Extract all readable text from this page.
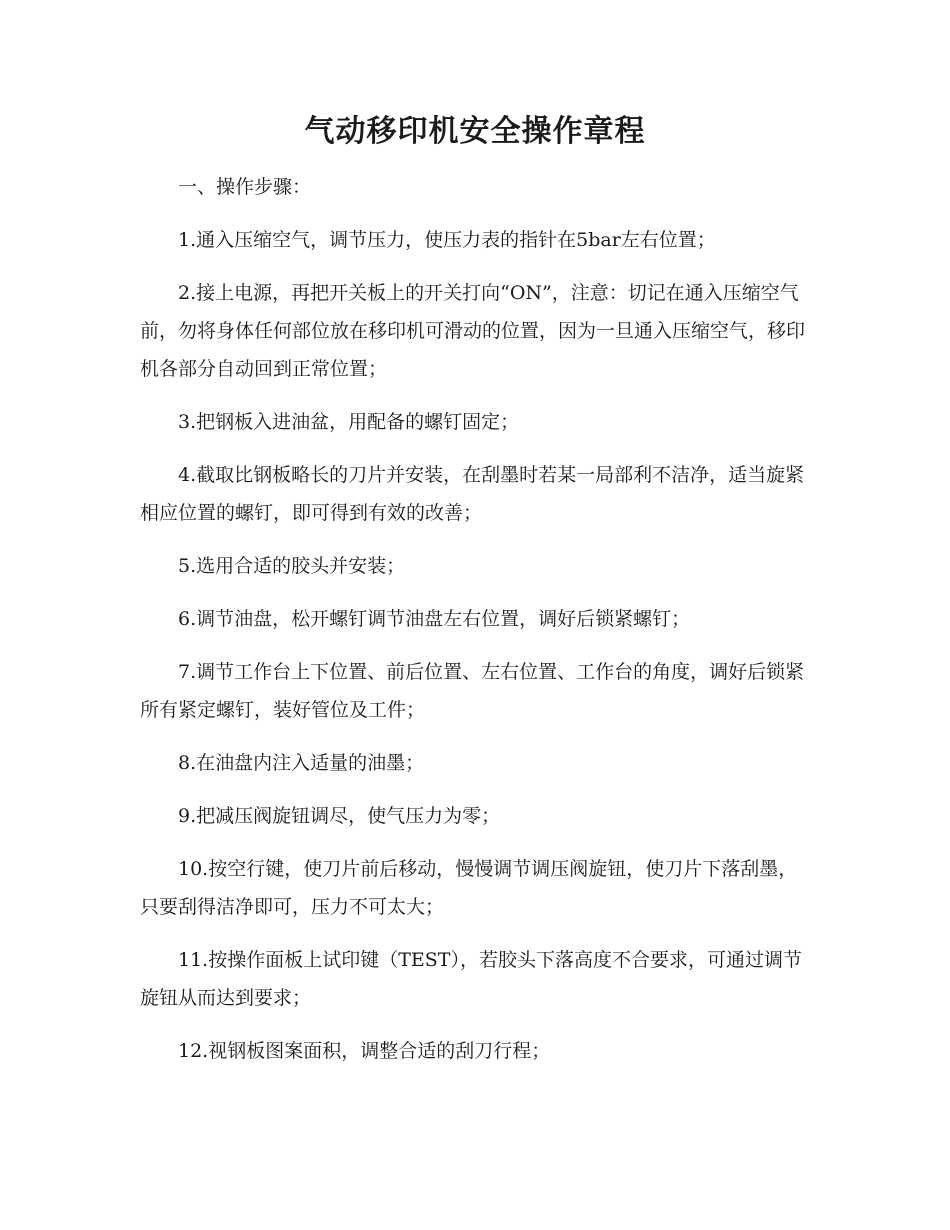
气动移印机安全操作章程

一、操作步骤：

1.通入压缩空气，调节压力，使压力表的指针在5bar左右位置；

2.接上电源，再把开关板上的开关打向“ON”，注意：切记在通入压缩空气前，勿将身体任何部位放在移印机可滑动的位置，因为一旦通入压缩空气，移印机各部分自动回到正常位置；

3.把钢板入进油盆，用配备的螺钉固定；

4.截取比钢板略长的刀片并安装，在刮墨时若某一局部利不洁净，适当旋紧相应位置的螺钉，即可得到有效的改善；

5.选用合适的胶头并安装；

6.调节油盘，松开螺钉调节油盘左右位置，调好后锁紧螺钉；

7.调节工作台上下位置、前后位置、左右位置、工作台的角度，调好后锁紧所有紧定螺钉，装好管位及工件；

8.在油盘内注入适量的油墨；

9.把减压阀旋钮调尽，使气压力为零；

10.按空行键，使刀片前后移动，慢慢调节调压阀旋钮，使刀片下落刮墨，只要刮得洁净即可，压力不可太大；

11.按操作面板上试印键（TEST），若胶头下落高度不合要求，可通过调节旋钮从而达到要求；

12.视钢板图案面积，调整合适的刮刀行程；
